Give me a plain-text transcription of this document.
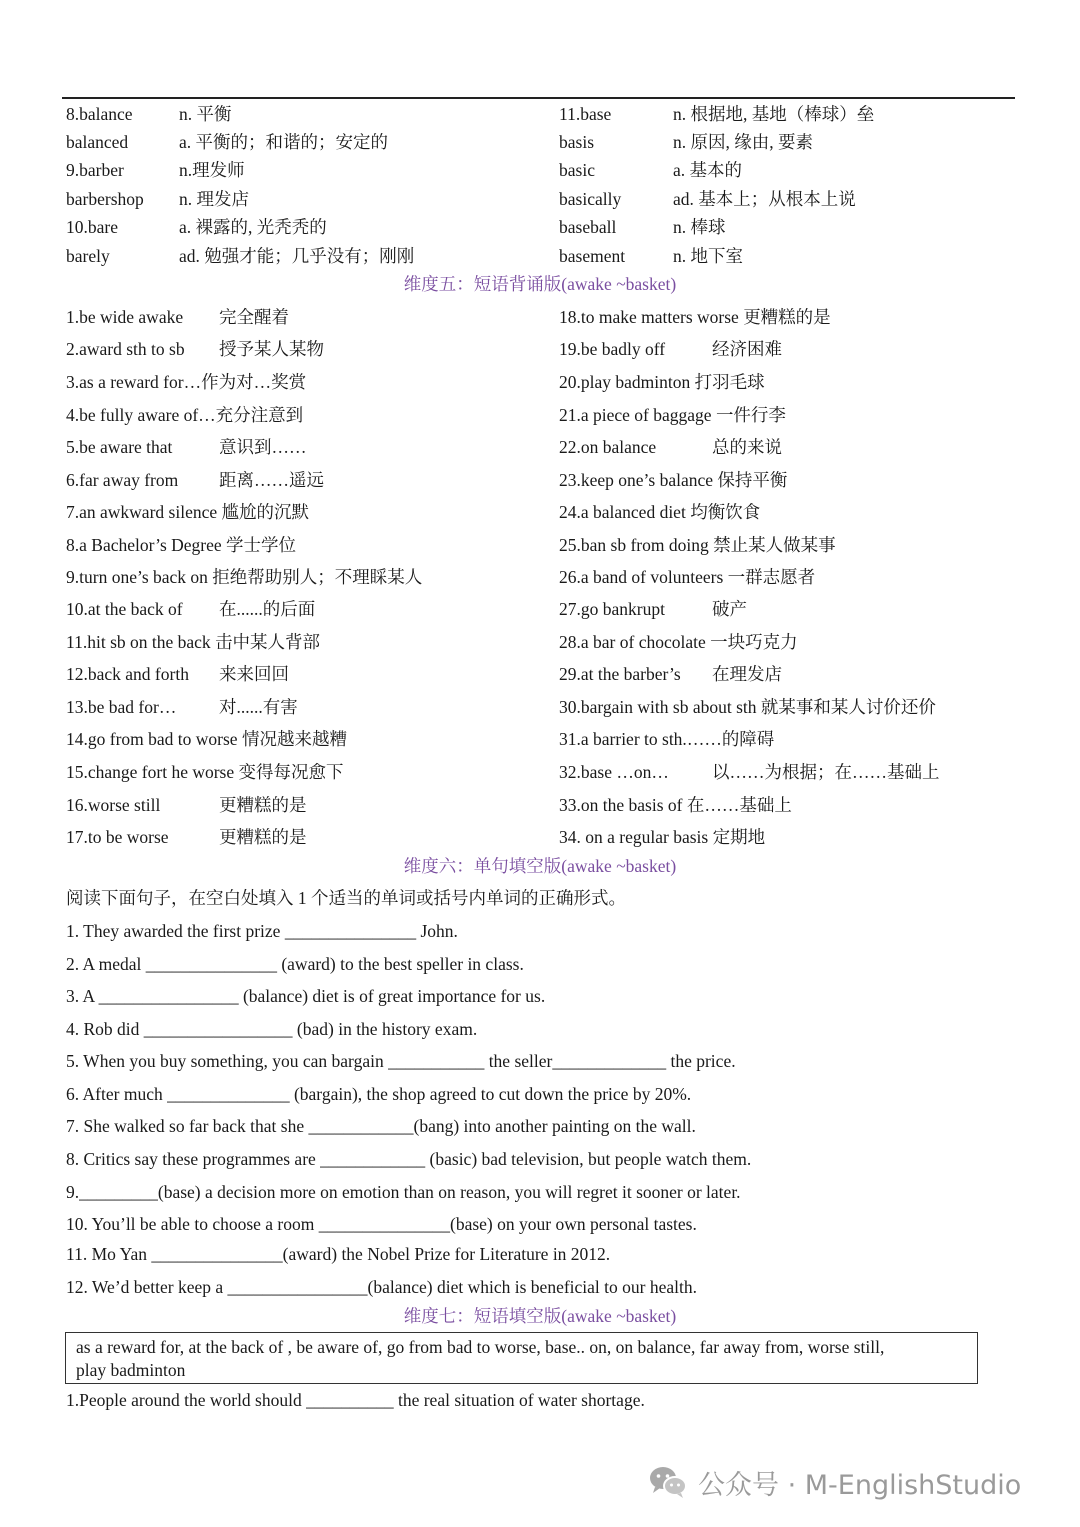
8.balance	n. 平衡
balanced	a. 平衡的；和谐的；安定的
9.barber	n.理发师
barbershop n. 理发店
10.bare	a. 裸露的, 光秃秃的
barely	ad. 勉强才能；几乎没有；刚刚
11.base	n. 根据地, 基地（棒球）垒
basis	n. 原因, 缘由, 要素
basic	a. 基本的
basically	ad. 基本上；从根本上说
baseball	n. 棒球
basement	n. 地下室
维度五：短语背诵版(awake ~basket)
1.be wide awake 完全醒着
2.award sth to sb 授予某人某物
3.as a reward for…作为对…奖赏
4.be fully aware of…充分注意到
5.be aware that	意识到……
6.far away from 距离……遥远
7.an awkward silence 尴尬的沉默
8.a Bachelor’s Degree 学士学位
9.turn one’s back on 拒绝帮助别人；不理睬某人
10.at the back of 在......的后面
11.hit sb on the back 击中某人背部
12.back and forth 来来回回
13.be bad for… 对......有害
14.go from bad to worse 情况越来越糟
15.change fort he worse 变得每况愈下
16.worse still	更糟糕的是
17.to be worse	更糟糕的是
18.to make matters worse 更糟糕的是
19.be badly off	经济困难
20.play badminton 打羽毛球
21.a piece of baggage 一件行李
22.on balance	总的来说
23.keep one’s balance 保持平衡
24.a balanced diet 均衡饮食
25.ban sb from doing 禁止某人做某事
26.a band of volunteers 一群志愿者
27.go bankrupt	破产
28.a bar of chocolate 一块巧克力
29.at the barber’s 在理发店
30.bargain with sb about sth 就某事和某人讨价还价
31.a barrier to sth.……的障碍
32.base …on… 以……为根据；在……基础上
33.on the basis of 在……基础上
34. on a regular basis 定期地
维度六：单句填空版(awake ~basket)
阅读下面句子，在空白处填入 1 个适当的单词或括号内单词的正确形式。
1. They awarded the first prize _______________ John.
2. A medal _______________ (award) to the best speller in class.
3. A ________________ (balance) diet is of great importance for us.
4. Rob did _________________ (bad) in the history exam.
5. When you buy something, you can bargain ___________ the seller_____________ the price.
6. After much ______________ (bargain), the shop agreed to cut down the price by 20%.
7. She walked so far back that she ____________(bang) into another painting on the wall.
8. Critics say these programmes are ____________ (basic) bad television, but people watch them.
9._________(base) a decision more on emotion than on reason, you will regret it sooner or later.
10. You’ll be able to choose a room _______________(base) on your own personal tastes.
11. Mo Yan _______________(award) the Nobel Prize for Literature in 2012.
12. We’d better keep a ________________(balance) diet which is beneficial to our health.
维度七：短语填空版(awake ~basket)
as a reward for, at the back of , be aware of, go from bad to worse, base.. on, on balance, far away from, worse still,
play badminton
1.People around the world should __________ the real situation of water shortage.
公众号 · M-EnglishStudio
